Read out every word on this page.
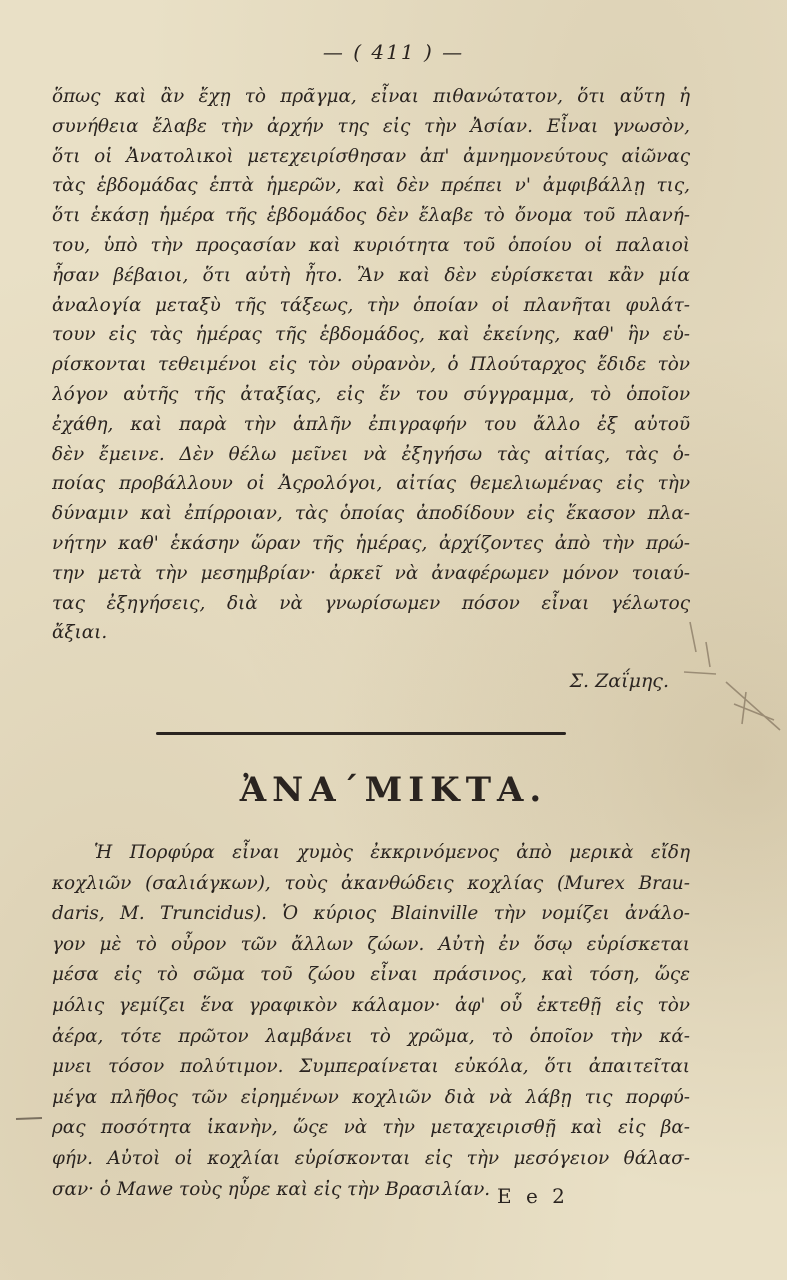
— ( 411 ) —
ὅπως καὶ ἂν ἔχῃ τὸ πρᾶγμα, εἶναι πιθανώτατον, ὅτι αὕτη ἡ
συνήθεια ἔλαβε τὴν ἀρχήν της εἰς τὴν Ἀσίαν. Εἶναι γνωσὸν,
ὅτι οἱ Ἀνατολικοὶ μετεχειρίσθησαν ἀπ' ἀμνημονεύτους αἰῶνας
τὰς ἑβδομάδας ἑπτὰ ἡμερῶν, καὶ δὲν πρέπει ν' ἀμφιβάλλῃ τις,
ὅτι ἑκάσῃ ἡμέρα τῆς ἑβδομάδος δὲν ἔλαβε τὸ ὄνομα τοῦ πλανή-
του, ὑπὸ τὴν προςασίαν καὶ κυριότητα τοῦ ὁποίου οἱ παλαιοὶ
ἦσαν βέβαιοι, ὅτι αὐτὴ ἦτο. Ἂν καὶ δὲν εὑρίσκεται κἂν μία
ἀναλογία μεταξὺ τῆς τάξεως, τὴν ὁποίαν οἱ πλανῆται φυλάτ-
τουν εἰς τὰς ἡμέρας τῆς ἑβδομάδος, καὶ ἐκείνης, καθ' ἣν εὑ-
ρίσκονται τεθειμένοι εἰς τὸν οὐρανὸν, ὁ Πλούταρχος ἔδιδε τὸν
λόγον αὐτῆς τῆς ἀταξίας, εἰς ἕν του σύγγραμμα, τὸ ὁποῖον
ἐχάθη, καὶ παρὰ τὴν ἁπλῆν ἐπιγραφήν του ἄλλο ἐξ αὐτοῦ
δὲν ἔμεινε. Δὲν θέλω μεῖνει νὰ ἐξηγήσω τὰς αἰτίας, τὰς ὁ-
ποίας προβάλλουν οἱ Ἀςρολόγοι, αἰτίας θεμελιωμένας εἰς τὴν
δύναμιν καὶ ἐπίρροιαν, τὰς ὁποίας ἀποδίδουν εἰς ἕκασον πλα-
νήτην καθ' ἑκάσην ὥραν τῆς ἡμέρας, ἀρχίζοντες ἀπὸ τὴν πρώ-
την μετὰ τὴν μεσημβρίαν· ἀρκεῖ νὰ ἀναφέρωμεν μόνον τοιαύ-
τας ἐξηγήσεις, διὰ νὰ γνωρίσωμεν πόσον εἶναι γέλωτος
ἄξιαι.
Σ. Ζαΐμης.
ἈΝΑ΄ΜΙΚΤΑ.
Ἡ Πορφύρα εἶναι χυμὸς ἐκκρινόμενος ἀπὸ μερικὰ εἴδη
κοχλιῶν (σαλιάγκων), τοὺς ἀκανθώδεις κοχλίας (Murex Brau-
daris, M. Truncidus). Ὁ κύριος Blainville τὴν νομίζει ἀνάλο-
γον μὲ τὸ οὖρον τῶν ἄλλων ζώων. Αὐτὴ ἐν ὅσῳ εὑρίσκεται
μέσα εἰς τὸ σῶμα τοῦ ζώου εἶναι πράσινος, καὶ τόση, ὥςε
μόλις γεμίζει ἕνα γραφικὸν κάλαμον· ἀφ' οὗ ἐκτεθῇ εἰς τὸν
ἀέρα, τότε πρῶτον λαμβάνει τὸ χρῶμα, τὸ ὁποῖον τὴν κά-
μνει τόσον πολύτιμον. Συμπεραίνεται εὐκόλα, ὅτι ἀπαιτεῖται
μέγα πλῆθος τῶν εἰρημένων κοχλιῶν διὰ νὰ λάβῃ τις πορφύ-
ρας ποσότητα ἱκανὴν, ὥςε νὰ τὴν μεταχειρισθῇ καὶ εἰς βα-
φήν. Αὐτοὶ οἱ κοχλίαι εὑρίσκονται εἰς τὴν μεσόγειον θάλασ-
σαν· ὁ Mawe τοὺς ηὗρε καὶ εἰς τὴν Βρασιλίαν. E e 2
